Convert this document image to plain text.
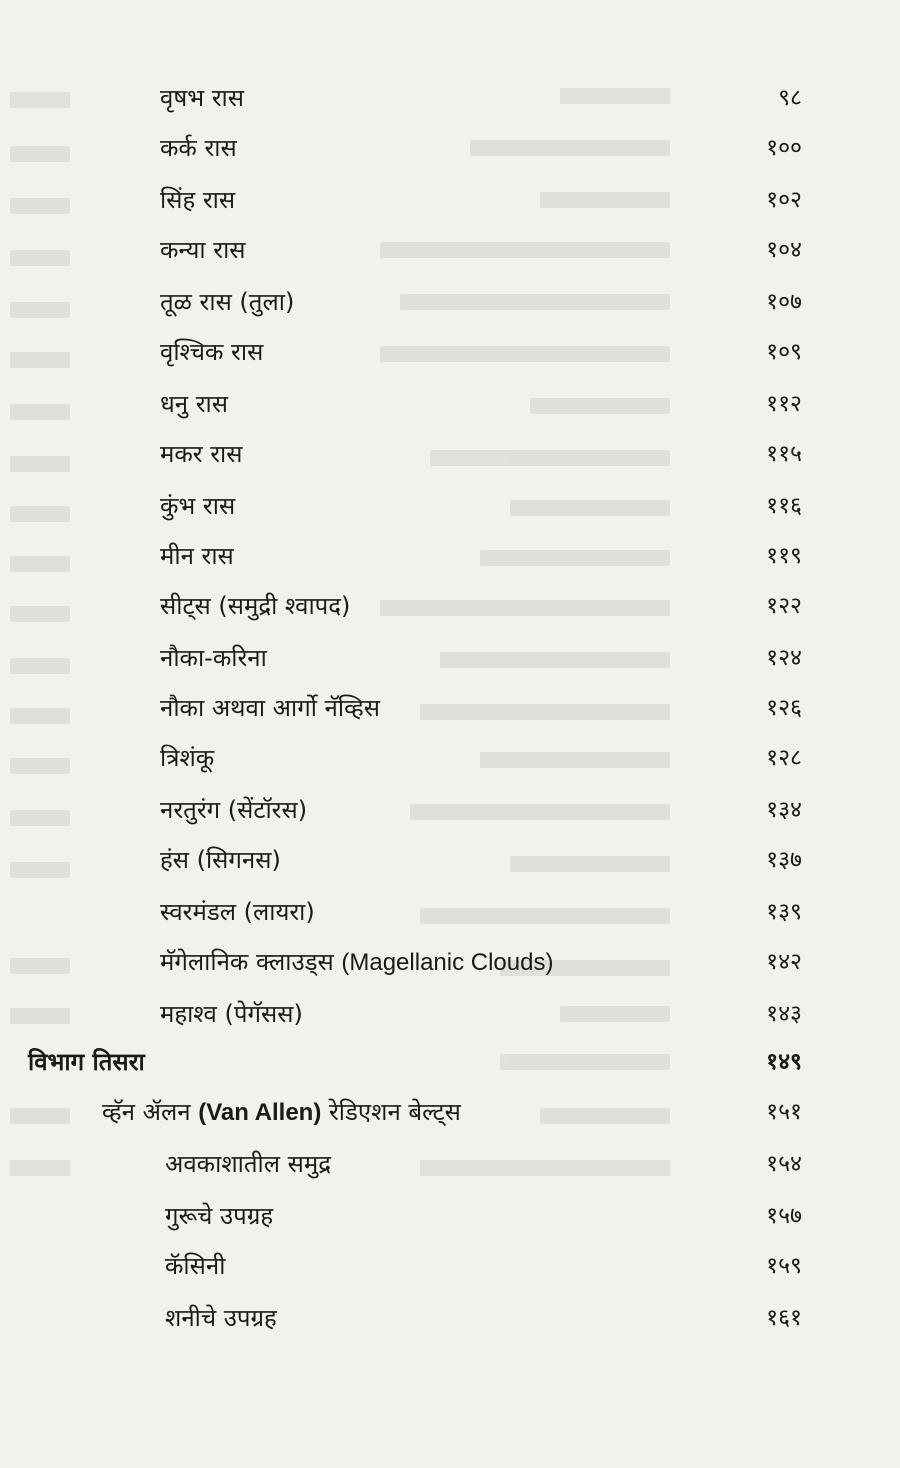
वृषभ रास	९८
कर्क रास	१००
सिंह रास	१०२
कन्या रास	१०४
तूळ रास (तुला)	१०७
वृश्चिक रास	१०९
धनु रास	११२
मकर रास	११५
कुंभ रास	११६
मीन रास	११९
सीट्स (समुद्री श्वापद)	१२२
नौका-करिना	१२४
नौका अथवा आर्गो नॅव्हिस	१२६
त्रिशंकू	१२८
नरतुरंग (सेंटॉरस)	१३४
हंस (सिगनस)	१३७
स्वरमंडल (लायरा)	१३९
मॅगेलानिक क्लाउड्स (Magellanic Clouds)	१४२
महाश्व (पेगॅसस)	१४३
विभाग तिसरा	१४९
व्हॅन ॲलन (Van Allen) रेडिएशन बेल्ट्स	१५१
अवकाशातील समुद्र	१५४
गुरूचे उपग्रह	१५७
कॅसिनी	१५९
शनीचे उपग्रह	१६१
